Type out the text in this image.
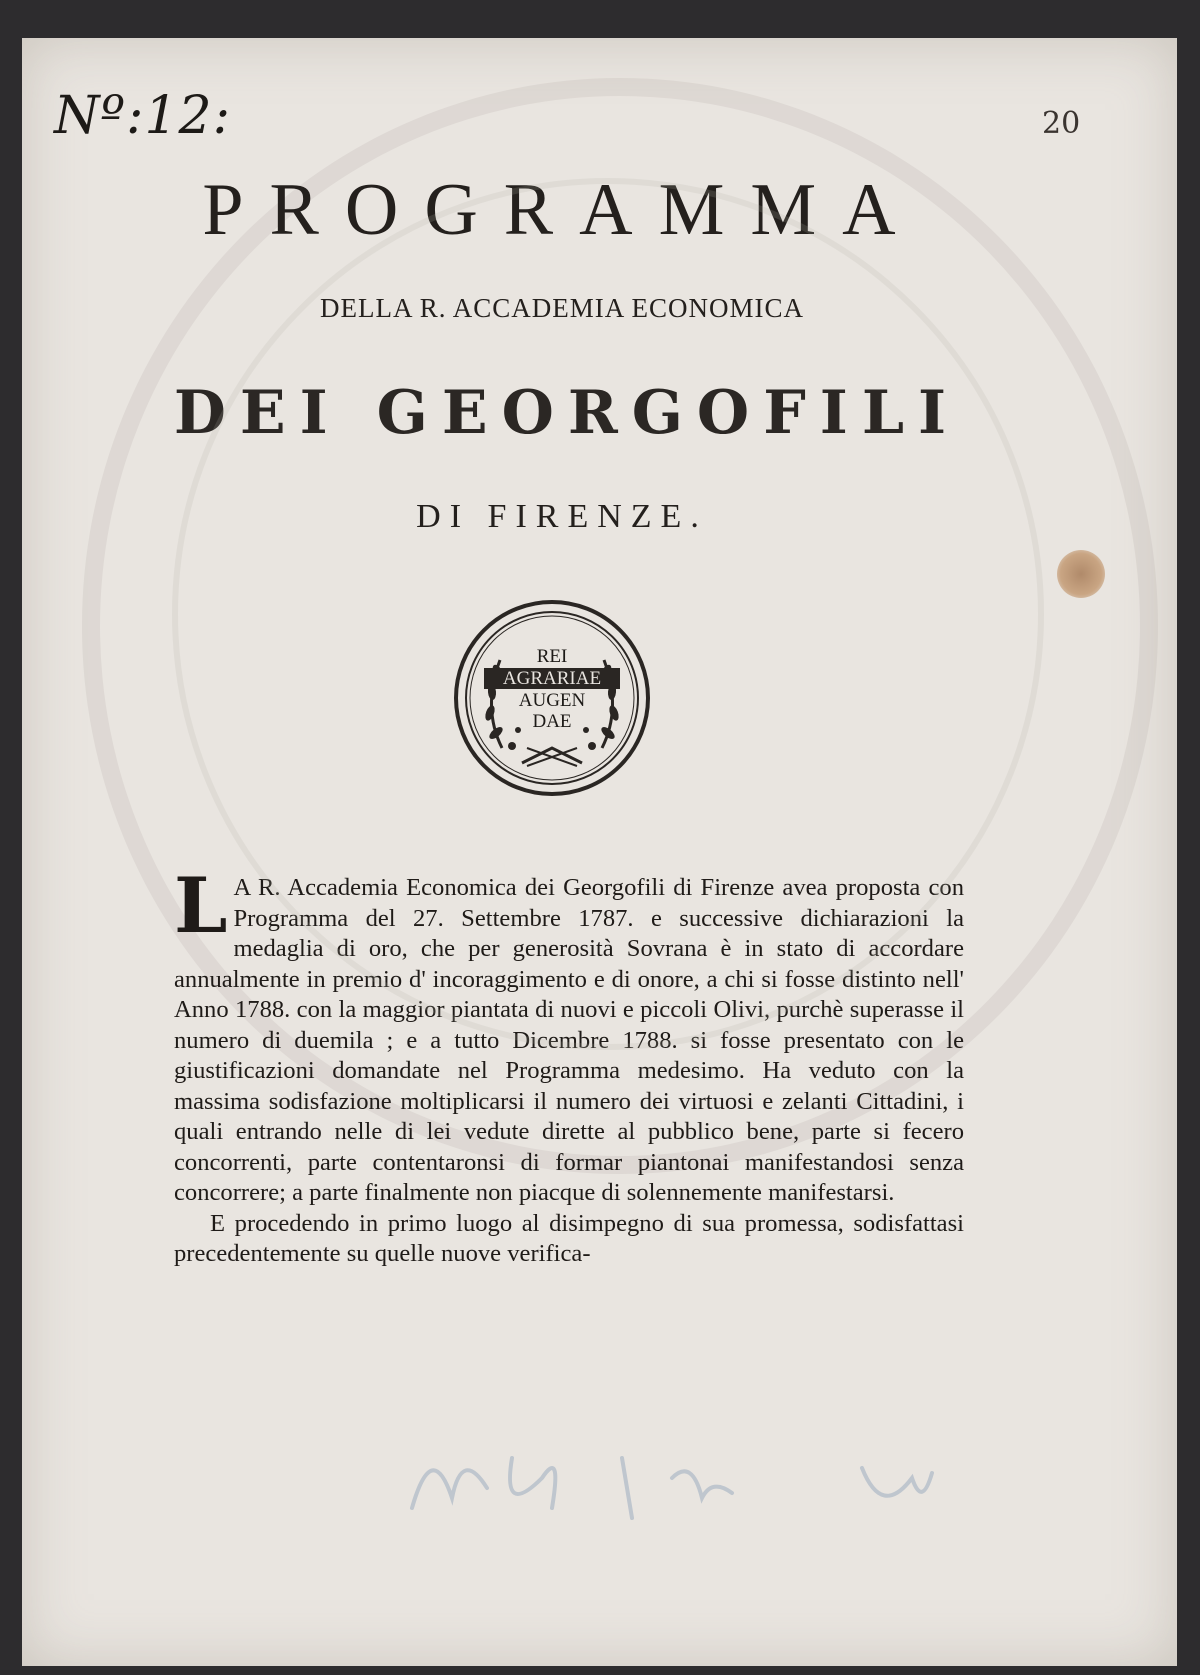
Nº:12:	20
PROGRAMMA
DELLA R. ACCADEMIA ECONOMICA
DEI GEORGOFILI
DI FIRENZE.
REI
AGRARIAE
AUGEN
DAE

L A R. Accademia Economica dei Georgofili di Firenze avea proposta con Programma del 27. Settembre 1787. e successive dichiarazioni la medaglia di oro, che per generosità Sovrana è in stato di accordare annualmente in premio d' incoraggimento e di onore, a chi si fosse distinto nell' Anno 1788. con la maggior piantata di nuovi e piccoli Olivi, purchè superasse il numero di duemila ; e a tutto Dicembre 1788. si fosse presentato con le giustificazioni domandate nel Programma medesimo. Ha veduto con la massima sodisfazione moltiplicarsi il numero dei virtuosi e zelanti Cittadini, i quali entrando nelle di lei vedute dirette al pubblico bene, parte si fecero concorrenti, parte contentaronsi di formar piantonai manifestandosi senza concorrere; a parte finalmente non piacque di solennemente manifestarsi.

E procedendo in primo luogo al disimpegno di sua promessa, sodisfattasi precedentemente su quelle nuove verifica-
